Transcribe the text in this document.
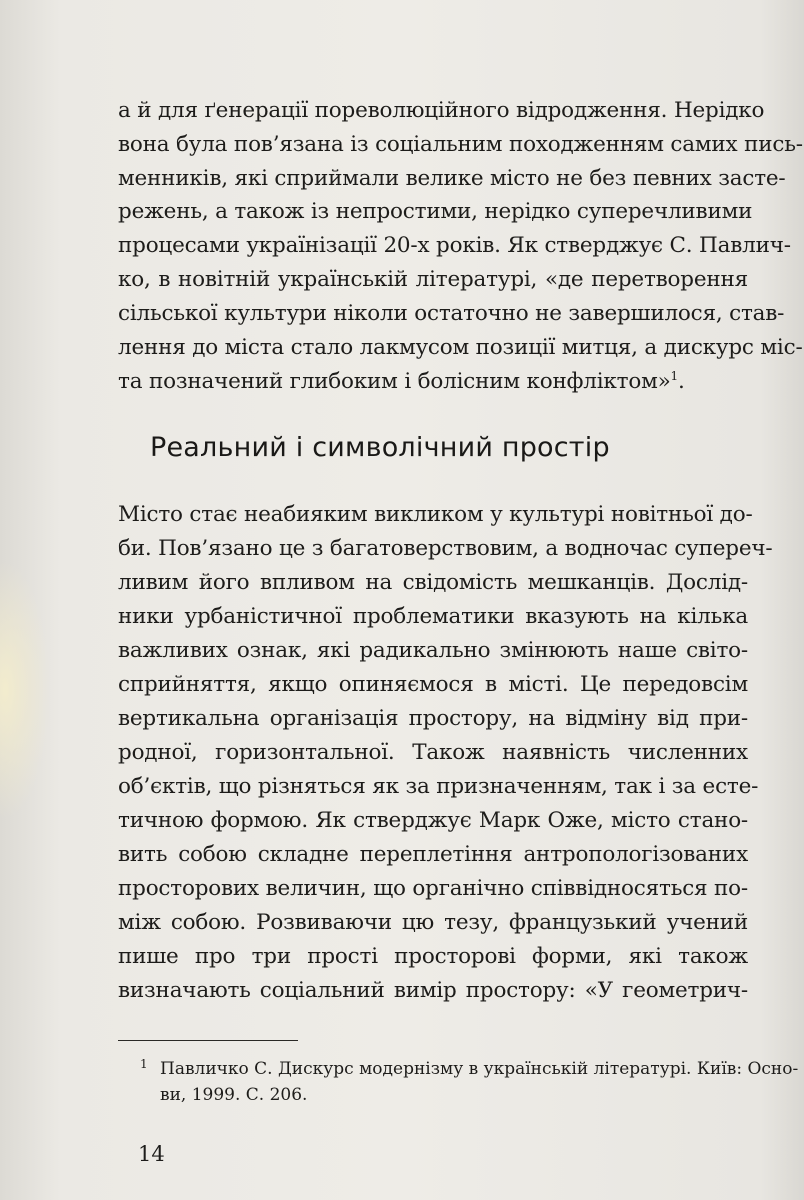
а й для ґенерації пореволюційного відродження. Нерідко
вона була пов’язана із соціальним походженням самих пись-
менників, які сприймали велике місто не без певних засте-
режень, а також із непростими, нерідко суперечливими
процесами українізації 20-х років. Як стверджує С. Павлич-
ко, в новітній українській літературі, «де перетворення
сільської культури ніколи остаточно не завершилося, став-
лення до міста стало лакмусом позиції митця, а дискурс міс-
та позначений глибоким і болісним конфліктом»$^1$.
Реальний і символічний простір
Місто стає неабияким викликом у культурі новітньої до-
би. Пов’язано це з багатоверствовим, а водночас супереч-
ливим його впливом на свідомість мешканців. Дослід-
ники урбаністичної проблематики вказують на кілька
важливих ознак, які радикально змінюють наше світо-
сприйняття, якщо опиняємося в місті. Це передовсім
вертикальна організація простору, на відміну від при-
родної, горизонтальної. Також наявність численних
об’єктів, що різняться як за призначенням, так і за есте-
тичною формою. Як стверджує Марк Оже, місто стано-
вить собою складне переплетіння антропологізованих
просторових величин, що органічно співвідносяться по-
між собою. Розвиваючи цю тезу, французький учений
пише про три прості просторові форми, які також
визначають соціальний вимір простору: «У геометрич-
1 Павличко С. Дискурс модернізму в українській літературі. Київ: Осно-
ви, 1999. С. 206.
14
